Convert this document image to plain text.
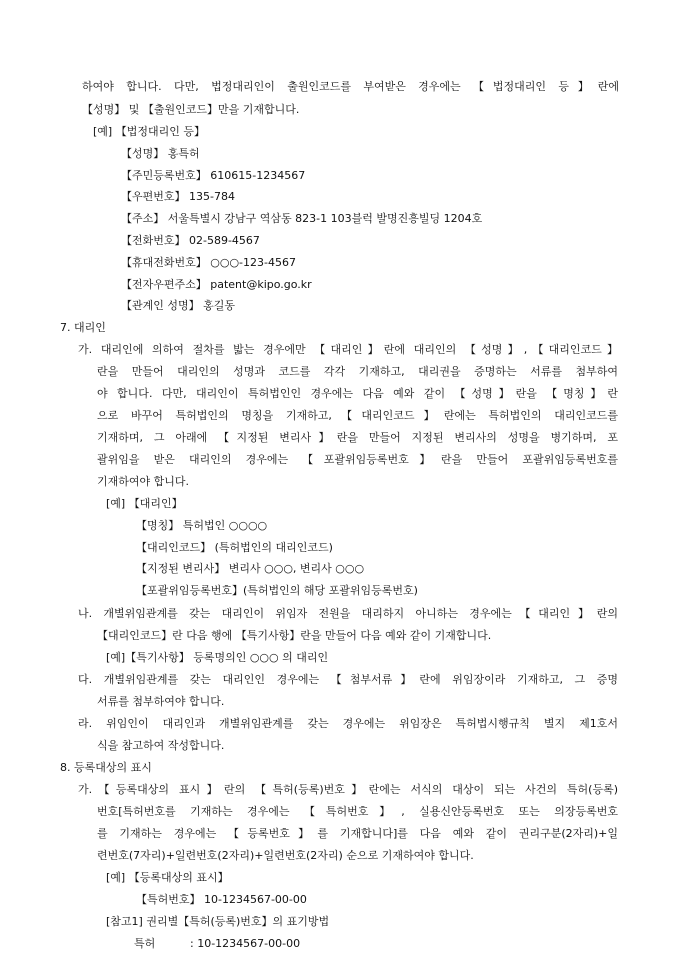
하여야 합니다. 다만, 법정대리인이 출원인코드를 부여받은 경우에는 【법정대리인 등】란에
【성명】 및 【출원인코드】만을 기재합니다.
[예] 【법정대리인 등】
【성명】 홍특허
【주민등록번호】 610615-1234567
【우편번호】 135-784
【주소】 서울특별시 강남구 역삼동 823-1 103블럭 발명진흥빌딩 1204호
【전화번호】 02-589-4567
【휴대전화번호】 ○○○-123-4567
【전자우편주소】 patent@kipo.go.kr
【관계인 성명】 홍길동
7. 대리인
가. 대리인에 의하여 절차를 밟는 경우에만 【대리인】란에 대리인의 【성명】,【대리인코드】
란을 만들어 대리인의 성명과 코드를 각각 기재하고, 대리권을 증명하는 서류를 첨부하여
야 합니다. 다만, 대리인이 특허법인인 경우에는 다음 예와 같이 【성명】란을 【명칭】란
으로 바꾸어 특허법인의 명칭을 기재하고,【대리인코드】란에는 특허법인의 대리인코드를
기재하며, 그 아래에 【지정된 변리사】란을 만들어 지정된 변리사의 성명을 병기하며, 포
괄위임을 받은 대리인의 경우에는 【포괄위임등록번호】란을 만들어 포괄위임등록번호를
기재하여야 합니다.
[예] 【대리인】
【명칭】 특허법인 ○○○○
【대리인코드】 (특허법인의 대리인코드)
【지정된 변리사】 변리사 ○○○, 변리사 ○○○
【포괄위임등록번호】(특허법인의 해당 포괄위임등록번호)
나. 개별위임관계를 갖는 대리인이 위임자 전원을 대리하지 아니하는 경우에는【대리인】란의
【대리인코드】란 다음 행에 【특기사항】란을 만들어 다음 예와 같이 기재합니다.
[예]【특기사항】 등록명의인 ○○○ 의 대리인
다. 개별위임관계를 갖는 대리인인 경우에는 【첨부서류】란에 위임장이라 기재하고, 그 증명
서류를 첨부하여야 합니다.
라. 위임인이 대리인과 개별위임관계를 갖는 경우에는 위임장은 특허법시행규칙 별지 제1호서
식을 참고하여 작성합니다.
8. 등록대상의 표시
가.【등록대상의 표시】란의 【특허(등록)번호】란에는 서식의 대상이 되는 사건의 특허(등록)
번호[특허번호를 기재하는 경우에는 【특허번호】, 실용신안등록번호 또는 의장등록번호
를 기재하는 경우에는 【등록번호】를 기재합니다]를 다음 예와 같이 권리구분(2자리)+일
련번호(7자리)+일련번호(2자리)+일련번호(2자리) 순으로 기재하여야 합니다.
[예] 【등록대상의 표시】
【특허번호】 10-1234567-00-00
[참고1] 권리별【특허(등록)번호】의 표기방법
특허	: 10-1234567-00-00
